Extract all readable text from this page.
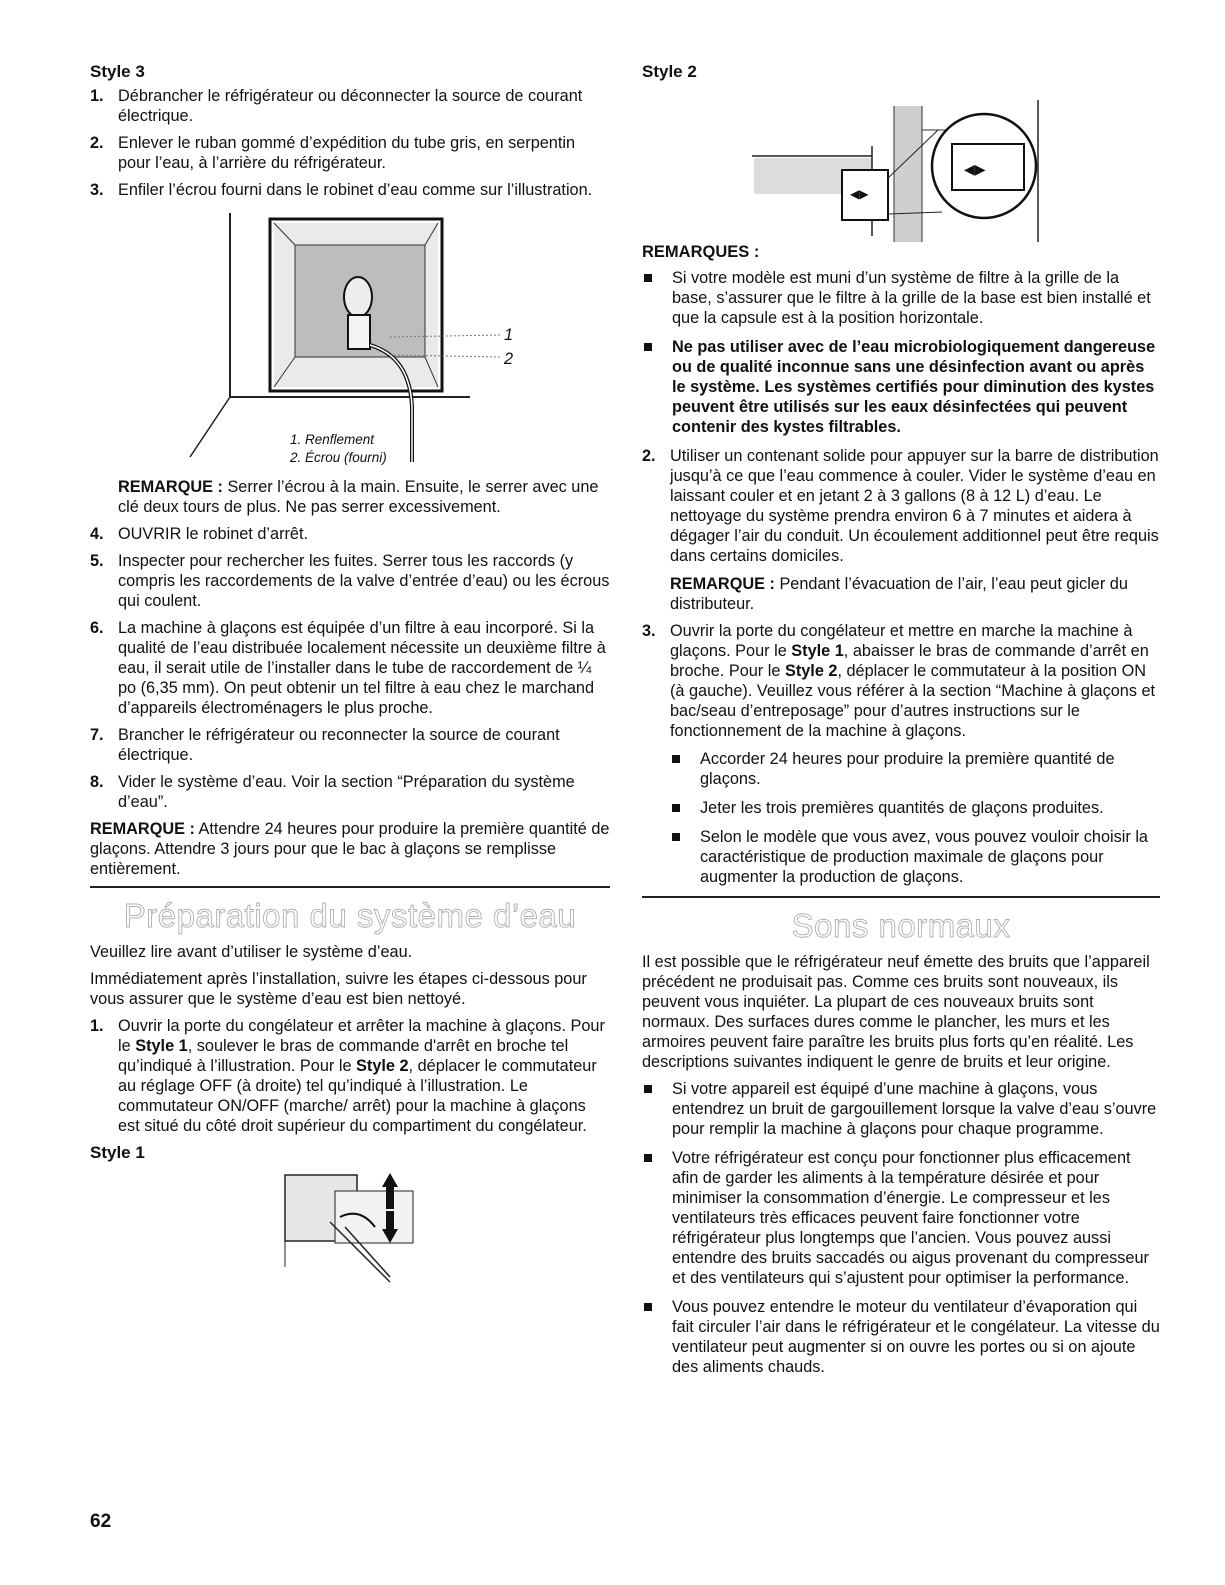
Style 3
1. Débrancher le réfrigérateur ou déconnecter la source de courant électrique.
2. Enlever le ruban gommé d’expédition du tube gris, en serpentin pour l’eau, à l’arrière du réfrigérateur.
3. Enfiler l’écrou fourni dans le robinet d’eau comme sur l’illustration.
1
2
1. Renflement
2. Écrou (fourni)

REMARQUE : Serrer l’écrou à la main. Ensuite, le serrer avec une clé deux tours de plus. Ne pas serrer excessivement.

4. OUVRIR le robinet d’arrêt.
5. Inspecter pour rechercher les fuites. Serrer tous les raccords (y compris les raccordements de la valve d’entrée d’eau) ou les écrous qui coulent.
6. La machine à glaçons est équipée d’un filtre à eau incorporé. Si la qualité de l’eau distribuée localement nécessite un deuxième filtre à eau, il serait utile de l’installer dans le tube de raccordement de ¼ po (6,35 mm). On peut obtenir un tel filtre à eau chez le marchand d’appareils électroménagers le plus proche.
7. Brancher le réfrigérateur ou reconnecter la source de courant électrique.
8. Vider le système d’eau. Voir la section “Préparation du système d’eau”.

REMARQUE : Attendre 24 heures pour produire la première quantité de glaçons. Attendre 3 jours pour que le bac à glaçons se remplisse entièrement.

Préparation du système d’eau

Veuillez lire avant d’utiliser le système d’eau.

Immédiatement après l’installation, suivre les étapes ci-dessous pour vous assurer que le système d’eau est bien nettoyé.

1. Ouvrir la porte du congélateur et arrêter la machine à glaçons. Pour le Style 1, soulever le bras de commande d'arrêt en broche tel qu’indiqué à l’illustration. Pour le Style 2, déplacer le commutateur au réglage OFF (à droite) tel qu’indiqué à l’illustration. Le commutateur ON/OFF (marche/ arrêt) pour la machine à glaçons est situé du côté droit supérieur du compartiment du congélateur.
Style 1
Style 2
◀▶
◀▶
REMARQUES :
Si votre modèle est muni d’un système de filtre à la grille de la base, s’assurer que le filtre à la grille de la base est bien installé et que la capsule est à la position horizontale.
Ne pas utiliser avec de l’eau microbiologiquement dangereuse ou de qualité inconnue sans une désinfection avant ou après le système. Les systèmes certifiés pour diminution des kystes peuvent être utilisés sur les eaux désinfectées qui peuvent contenir des kystes filtrables.
2. Utiliser un contenant solide pour appuyer sur la barre de distribution jusqu’à ce que l’eau commence à couler. Vider le système d’eau en laissant couler et en jetant 2 à 3 gallons (8 à 12 L) d’eau. Le nettoyage du système prendra environ 6 à 7 minutes et aidera à dégager l’air du conduit. Un écoulement additionnel peut être requis dans certains domiciles.

REMARQUE : Pendant l’évacuation de l’air, l’eau peut gicler du distributeur.

3. Ouvrir la porte du congélateur et mettre en marche la machine à glaçons. Pour le Style 1, abaisser le bras de commande d’arrêt en broche. Pour le Style 2, déplacer le commutateur à la position ON (à gauche). Veuillez vous référer à la section “Machine à glaçons et bac/seau d’entreposage” pour d’autres instructions sur le fonctionnement de la machine à glaçons.
Accorder 24 heures pour produire la première quantité de glaçons.
Jeter les trois premières quantités de glaçons produites.
Selon le modèle que vous avez, vous pouvez vouloir choisir la caractéristique de production maximale de glaçons pour augmenter la production de glaçons.
Sons normaux

Il est possible que le réfrigérateur neuf émette des bruits que l’appareil précédent ne produisait pas. Comme ces bruits sont nouveaux, ils peuvent vous inquiéter. La plupart de ces nouveaux bruits sont normaux. Des surfaces dures comme le plancher, les murs et les armoires peuvent faire paraître les bruits plus forts qu’en réalité. Les descriptions suivantes indiquent le genre de bruits et leur origine.

Si votre appareil est équipé d’une machine à glaçons, vous entendrez un bruit de gargouillement lorsque la valve d’eau s’ouvre pour remplir la machine à glaçons pour chaque programme.
Votre réfrigérateur est conçu pour fonctionner plus efficacement afin de garder les aliments à la température désirée et pour minimiser la consommation d’énergie. Le compresseur et les ventilateurs très efficaces peuvent faire fonctionner votre réfrigérateur plus longtemps que l’ancien. Vous pouvez aussi entendre des bruits saccadés ou aigus provenant du compresseur et des ventilateurs qui s’ajustent pour optimiser la performance.
Vous pouvez entendre le moteur du ventilateur d’évaporation qui fait circuler l’air dans le réfrigérateur et le congélateur. La vitesse du ventilateur peut augmenter si on ouvre les portes ou si on ajoute des aliments chauds.
62
